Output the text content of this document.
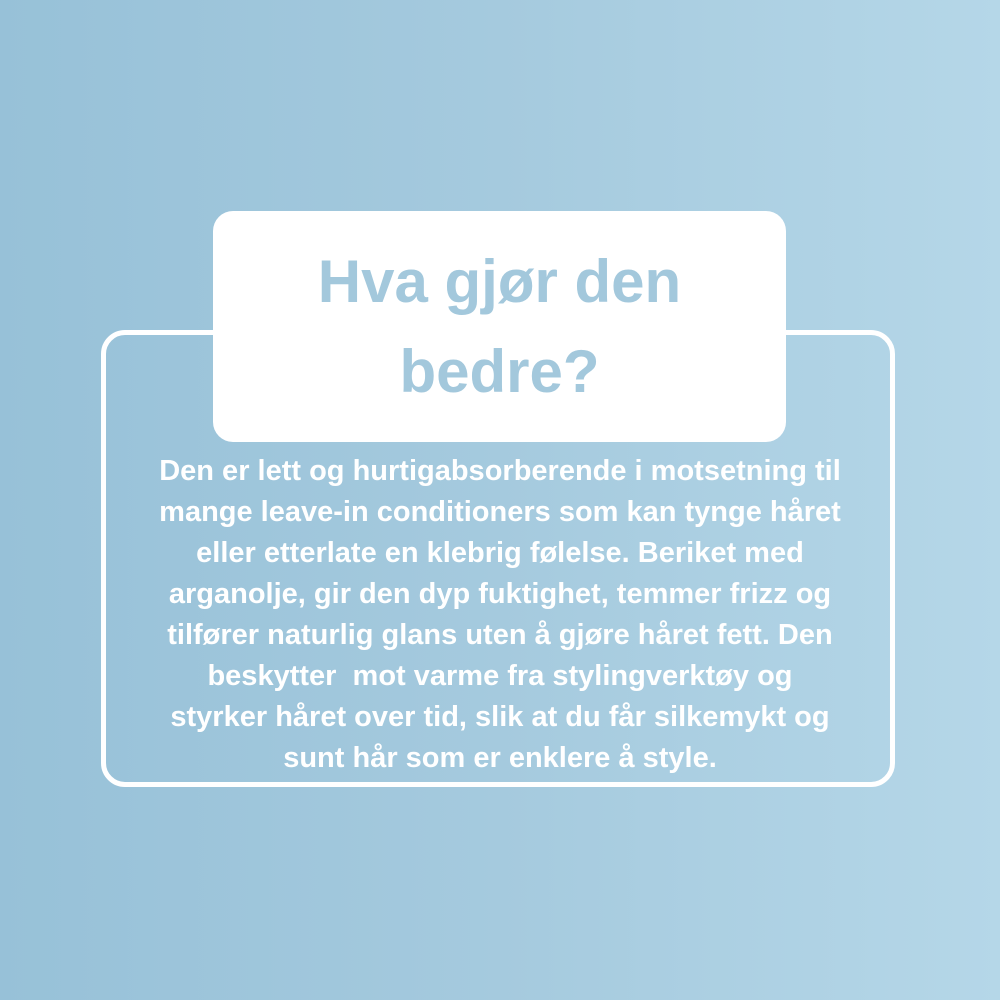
Hva gjør den
bedre?
Den er lett og hurtigabsorberende i motsetning til
mange leave-in conditioners som kan tynge håret
eller etterlate en klebrig følelse. Beriket med
arganolje, gir den dyp fuktighet, temmer frizz og
tilfører naturlig glans uten å gjøre håret fett. Den
beskytter  mot varme fra stylingverktøy og
styrker håret over tid, slik at du får silkemykt og
sunt hår som er enklere å style.
